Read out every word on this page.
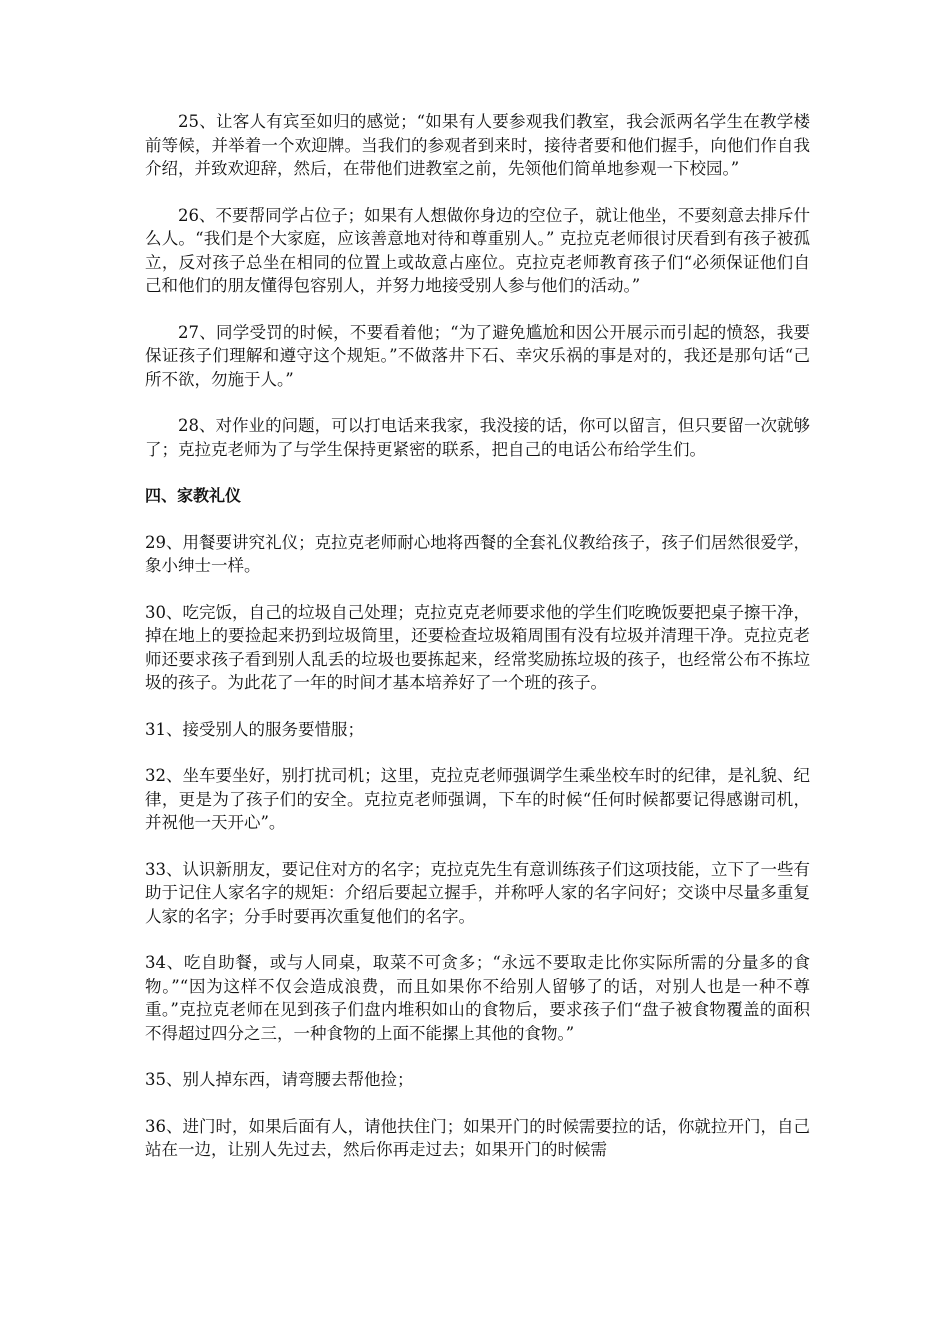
25、让客人有宾至如归的感觉；“如果有人要参观我们教室，我会派两名学生在教学楼前等候，并举着一个欢迎牌。当我们的参观者到来时，接待者要和他们握手，向他们作自我介绍，并致欢迎辞，然后，在带他们进教室之前，先领他们简单地参观一下校园。”

26、不要帮同学占位子；如果有人想做你身边的空位子，就让他坐，不要刻意去排斥什么人。“我们是个大家庭，应该善意地对待和尊重别人。” 克拉克老师很讨厌看到有孩子被孤立，反对孩子总坐在相同的位置上或故意占座位。克拉克老师教育孩子们“必须保证他们自己和他们的朋友懂得包容别人，并努力地接受别人参与他们的活动。”

27、同学受罚的时候，不要看着他；“为了避免尴尬和因公开展示而引起的愤怒，我要保证孩子们理解和遵守这个规矩。”不做落井下石、幸灾乐祸的事是对的，我还是那句话“己所不欲，勿施于人。”

28、对作业的问题，可以打电话来我家，我没接的话，你可以留言，但只要留一次就够了；克拉克老师为了与学生保持更紧密的联系，把自己的电话公布给学生们。

四、家教礼仪

29、用餐要讲究礼仪；克拉克老师耐心地将西餐的全套礼仪教给孩子，孩子们居然很爱学，象小绅士一样。

30、吃完饭，自己的垃圾自己处理；克拉克克老师要求他的学生们吃晚饭要把桌子擦干净，掉在地上的要捡起来扔到垃圾筒里，还要检查垃圾箱周围有没有垃圾并清理干净。克拉克老师还要求孩子看到别人乱丢的垃圾也要拣起来，经常奖励拣垃圾的孩子，也经常公布不拣垃圾的孩子。为此花了一年的时间才基本培养好了一个班的孩子。

31、接受别人的服务要惜服；

32、坐车要坐好，别打扰司机；这里，克拉克老师强调学生乘坐校车时的纪律，是礼貌、纪律，更是为了孩子们的安全。克拉克老师强调，下车的时候“任何时候都要记得感谢司机，并祝他一天开心”。

33、认识新朋友，要记住对方的名字；克拉克先生有意训练孩子们这项技能，立下了一些有助于记住人家名字的规矩：介绍后要起立握手，并称呼人家的名字问好；交谈中尽量多重复人家的名字；分手时要再次重复他们的名字。

34、吃自助餐，或与人同桌，取菜不可贪多；“永远不要取走比你实际所需的分量多的食物。”“因为这样不仅会造成浪费，而且如果你不给别人留够了的话，对别人也是一种不尊重。”克拉克老师在见到孩子们盘内堆积如山的食物后，要求孩子们“盘子被食物覆盖的面积不得超过四分之三，一种食物的上面不能摞上其他的食物。”

35、别人掉东西，请弯腰去帮他捡；

36、进门时，如果后面有人，请他扶住门；如果开门的时候需要拉的话，你就拉开门，自己站在一边，让别人先过去，然后你再走过去；如果开门的时候需
